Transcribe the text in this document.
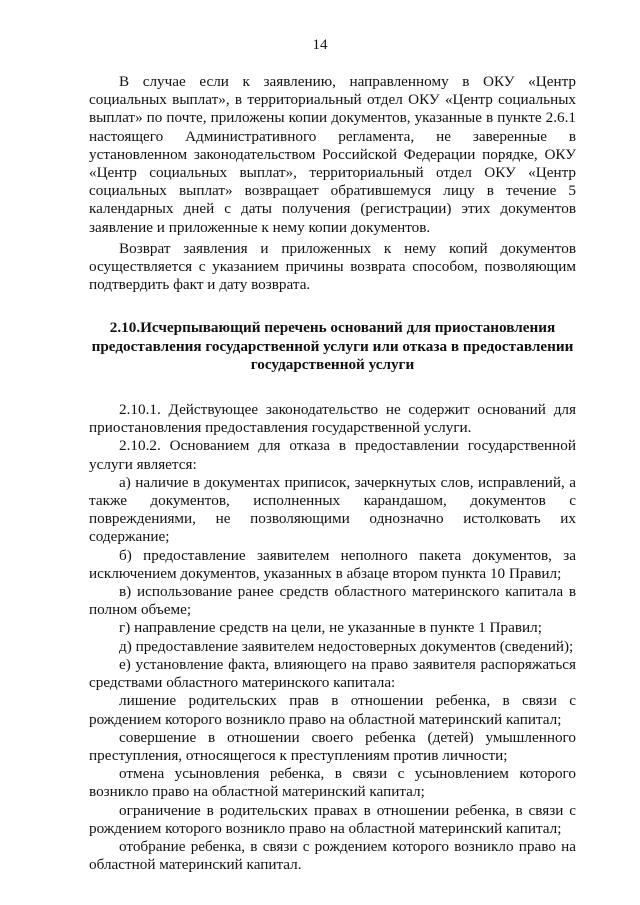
14

В случае если к заявлению, направленному в ОКУ «Центр социальных выплат», в территориальный отдел ОКУ «Центр социальных выплат» по почте, приложены копии документов, указанные в пункте 2.6.1 настоящего Административного регламента, не заверенные в установленном законодательством Российской Федерации порядке, ОКУ «Центр социальных выплат», территориальный отдел ОКУ «Центр социальных выплат» возвращает обратившемуся лицу в течение 5 календарных дней с даты получения (регистрации) этих документов заявление и приложенные к нему копии документов.

Возврат заявления и приложенных к нему копий документов осуществляется с указанием причины возврата способом, позволяющим подтвердить факт и дату возврата.

2.10.Исчерпывающий перечень оснований для приостановления предоставления государственной услуги или отказа в предоставлении государственной услуги

2.10.1. Действующее законодательство не содержит оснований для приостановления предоставления государственной услуги.

2.10.2. Основанием для отказа в предоставлении государственной услуги является:

а) наличие в документах приписок, зачеркнутых слов, исправлений, а также документов, исполненных карандашом, документов с повреждениями, не позволяющими однозначно истолковать их содержание;

б) предоставление заявителем неполного пакета документов, за исключением документов, указанных в абзаце втором пункта 10 Правил;

в) использование ранее средств областного материнского капитала в полном объеме;

г) направление средств на цели, не указанные в пункте 1 Правил;

д) предоставление заявителем недостоверных документов (сведений);

е) установление факта, влияющего на право заявителя распоряжаться средствами областного материнского капитала:

лишение родительских прав в отношении ребенка, в связи с рождением которого возникло право на областной материнский капитал;

совершение в отношении своего ребенка (детей) умышленного преступления, относящегося к преступлениям против личности;

отмена усыновления ребенка, в связи с усыновлением которого возникло право на областной материнский капитал;

ограничение в родительских правах в отношении ребенка, в связи с рождением которого возникло право на областной материнский капитал;

отобрание ребенка, в связи с рождением которого возникло право на областной материнский капитал.
